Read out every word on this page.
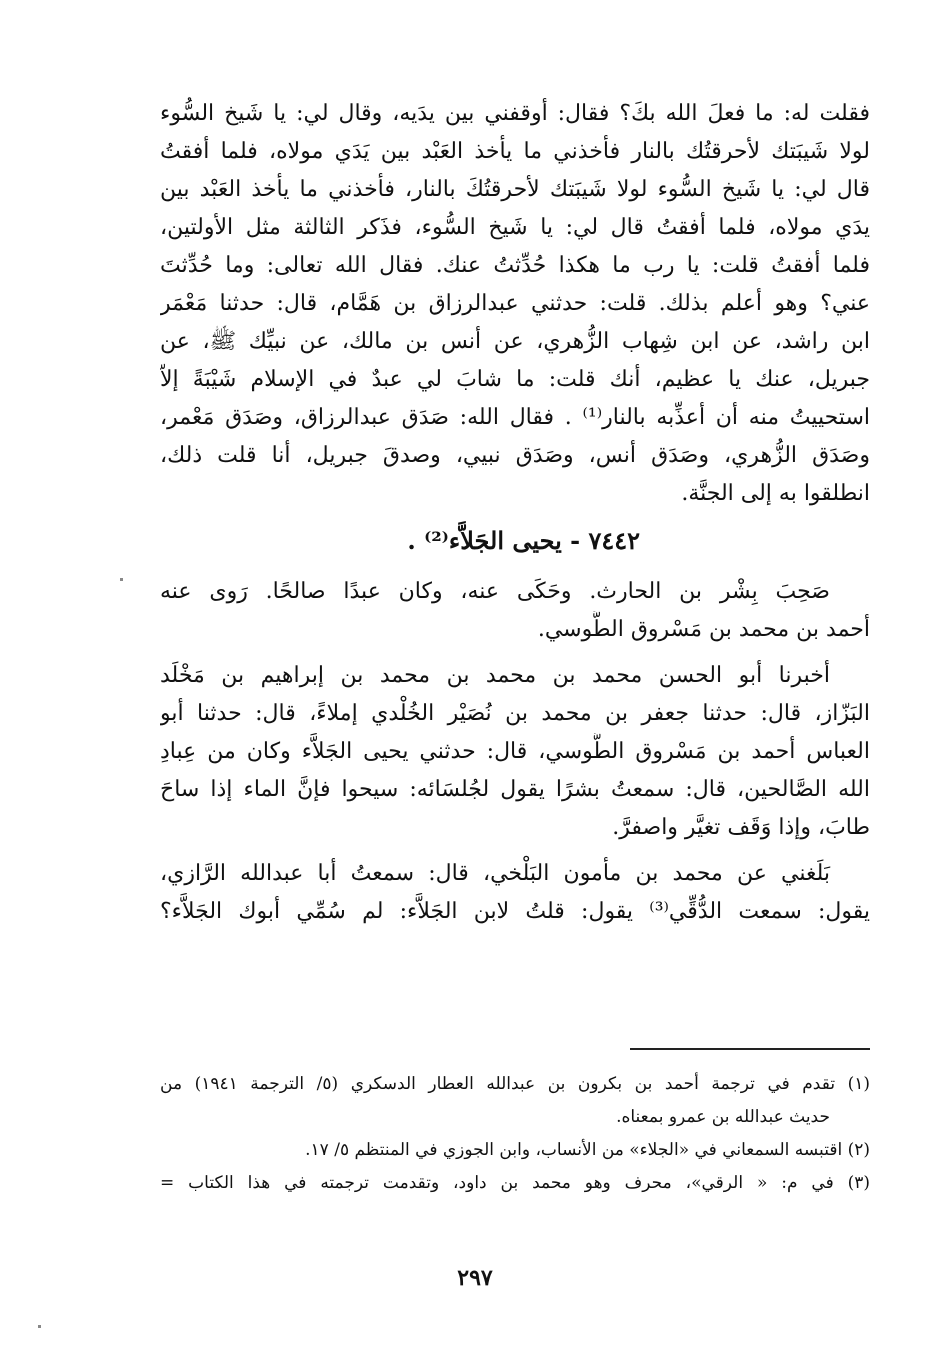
فقلت له: ما فعلَ الله بكَ؟ فقال: أوقفني بين يدَيه، وقال لي: يا شَيخ السُّوء
لولا شَيبَتك لأحرقتُك بالنار فأخذني ما يأخذ العَبْد بين يَدَي مولاه، فلما أفقتُ
قال لي: يا شَيخ السُّوء لولا شَيبَتك لأحرقتُكَ بالنار، فأخذني ما يأخذ العَبْد بين
يدَي مولاه، فلما أفقتُ قال لي: يا شَيخ السُّوء، فذَكر الثالثة مثل الأولتين،
فلما أفقتُ قلت: يا رب ما هكذا حُدِّثتُ عنك. فقال الله تعالى: وما حُدِّثتَ
عني؟ وهو أعلم بذلك. قلت: حدثني عبدالرزاق بن هَمَّام، قال: حدثنا مَعْمَر
ابن راشد، عن ابن شِهاب الزُّهري، عن أنس بن مالك، عن نبيِّك ﷺ، عن
جبريل، عنك يا عظيم، أنك قلت: ما شابَ لي عبدٌ في الإسلام شَيْبَةً إلاّ
استحييتُ منه أن أعذِّبه بالنار⁽¹⁾ . فقال الله: صَدَق عبدالرزاق، وصَدَق مَعْمر،
وصَدَق الزُّهري، وصَدَق أنس، وصَدَق نبيي، وصدقَ جبريل، أنا قلت ذلك،
انطلقوا به إلى الجنَّة.
٧٤٤٢ - يحيى الجَلاَّء⁽²⁾ .
صَحِبَ بِشْر بن الحارث. وحَكَى عنه، وكان عبدًا صالحًا. رَوى عنه
أحمد بن محمد بن مَسْروق الطُّوسي.
أخبرنا أبو الحسن محمد بن محمد بن محمد بن إبراهيم بن مَخْلَد
البَزّاز، قال: حدثنا جعفر بن محمد بن نُصَيْر الخُلْدي إملاءً، قال: حدثنا أبو
العباس أحمد بن مَسْروق الطُّوسي، قال: حدثني يحيى الجَلاَّء وكان من عِبادِ
الله الصَّالحين، قال: سمعتُ بشرًا يقول لجُلسَائه: سيحوا فإنَّ الماء إذا ساحَ
طابَ، وإذا وَقَف تغيَّر واصفرَّ.
بَلَغني عن محمد بن مأمون البَلْخي، قال: سمعتُ أبا عبدالله الرَّازي،
يقول: سمعت الدُّقِّي⁽³⁾ يقول: قلتُ لابن الجَلاَّء: لم سُمِّي أبوك الجَلاَّء؟
(١) تقدم في ترجمة أحمد بن بكرون بن عبدالله العطار الدسكري (٥/ الترجمة ١٩٤١) من
حديث عبدالله بن عمرو بمعناه.
(٢) اقتبسه السمعاني في «الجلاء» من الأنساب، وابن الجوزي في المنتظم ٥/ ١٧.
(٣) في م: « الرقي»، محرف وهو محمد بن داود، وتقدمت ترجمته في هذا الكتاب =
٢٩٧
